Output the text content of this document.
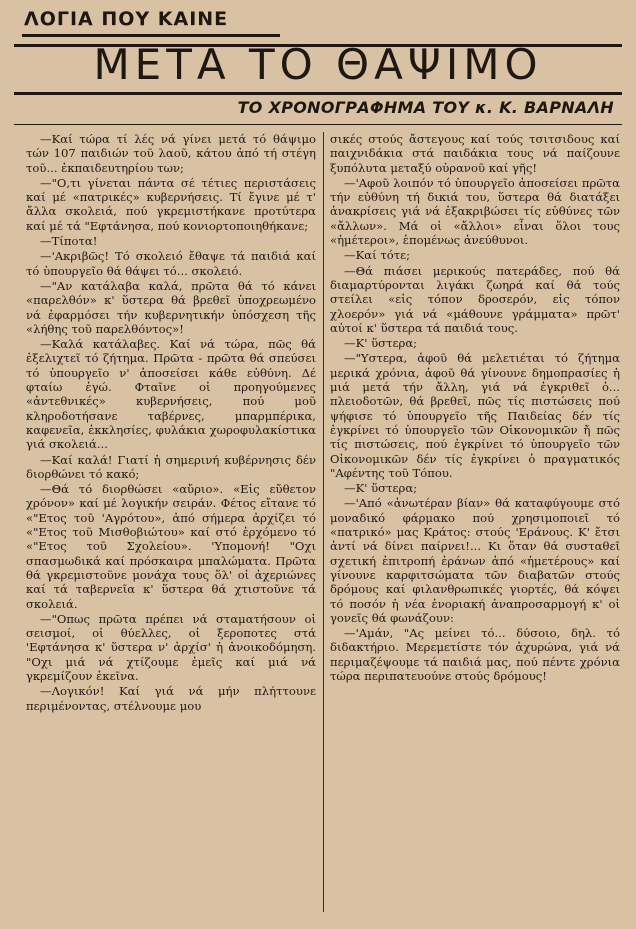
ΛΟΓΙΑ ΠΟΥ ΚΑΙΝΕ
ΜΕΤΑ ΤΟ ΘΑΨΙΜΟ
ΤΟ ΧΡΟΝΟΓΡΑΦΗΜΑ ΤΟΥ κ. Κ. ΒΑΡΝΑΛΗ

—Καί τώρα τί λές νά γίνει μετά τό θάψιμο τών 107 παιδιών τοῦ λαοῦ, κάτου ἀπό τή στέγη τοῦ... ἐκπαιδευτηρίου των;

—"Ο,τι γίνεται πάντα σέ τέτιες περιστάσεις καί μέ «πατρικές» κυβερνήσεις. Τί ἔγινε μέ τ' ἄλλα σκολειά, πού γκρεμιστήκανε προτύτερα καί μέ τά "Εφτάνησα, πού κονιορτοποιηθήκανε;

—Τίποτα!

—'Ακριβῶς! Τό σκολειό ἔθαψε τά παιδιά καί τό ὑπουργεῖο θά θάψει τό... σκολειό.

—"Αν κατάλαβα καλά, πρῶτα θά τό κάνει «παρελθόν» κ' ὕστερα θά βρεθεῖ ὑποχρεωμένο νά ἐφαρμόσει τήν κυβερνητικήν ὑπόσχεση τῆς «λήθης τοῦ παρελθόντος»!

—Καλά κατάλαβες. Καί νά τώρα, πῶς θά ἐξελιχτεῖ τό ζήτημα. Πρῶτα - πρῶτα θά σπεύσει τό ὑπουργεῖο ν' ἀποσείσει κάθε εὐθύνη. Δέ φταίω ἐγώ. Φταῖνε οἱ προηγούμενες «ἀντεθνικές» κυβερνήσεις, πού μοῦ κληροδοτήσανε ταβέρνες, μπαρμπέρικα, καφενεῖα, ἐκκλησίες, φυλάκια χωροφυλακίστικα γιά σκολειά...

—Καί καλά! Γιατί ἡ σημερινή κυβέρνησις δέν διορθώνει τό κακό;

—Θά τό διορθώσει «αὔριο». «Εἰς εὔθετον χρόνον» καί μέ λογικήν σειράν. Φέτος εἴτανε τό «"Ετος τοῦ 'Αγρότου», ἀπό σήμερα ἀρχίζει τό «"Ετος τοῦ Μισθοβιώτου» καί στό ἐρχόμενο τό «"Ετος τοῦ Σχολείου». 'Υπομονή! "Οχι σπασμωδικά καί πρόσκαιρα μπαλώματα. Πρῶτα θά γκρεμιστοῦνε μονάχα τους ὅλ' οἱ ἀχεριώνες καί τά ταβερνεῖα κ' ὕστερα θά χτιστοῦνε τά σκολειά.

—"Οπως πρῶτα πρέπει νά σταματήσουν οἱ σεισμοί, οἱ θύελλες, οἱ ξεροποτες στά 'Εφτάνησα κ' ὕστερα ν' ἀρχίσ' ἡ ἀνοικοδόμηση. "Οχι μιά νά χτίζουμε ἐμεῖς καί μιά νά γκρεμίζουν ἐκεῖνα.

—Λογικόν! Καί γιά νά μήν πλήττουνε περιμένοντας, στέλνουμε μου

σικές στούς ἄστεγους καί τούς τσιτσιδους καί παιχνιδάκια στά παιδάκια τους νά παίζουνε ξυπόλυτα μεταξύ οὐρανοῦ καί γῆς!

—'Αφοῦ λοιπόν τό ὑπουργεῖο ἀποσείσει πρῶτα τήν εὐθύνη τή δικιά του, ὕστερα θά διατάξει ἀνακρίσεις γιά νά ἐξακριβώσει τίς εὐθύνες τῶν «ἄλλων». Μά οἱ «ἄλλοι» εἶναι ὅλοι τους «ἡμέτεροι», ἑπομένως ἀνεύθυνοι.

—Καί τότε;

—Θά πιάσει μερικούς πατεράδες, πού θά διαμαρτύρονται λιγάκι ζωηρά καί θά τούς στείλει «εἰς τόπον δροσερόν, εἰς τόπον χλοερόν» γιά νά «μάθουνε γράμματα» πρῶτ' αὐτοί κ' ὕστερα τά παιδιά τους.

—Κ' ὕστερα;

—"Υστερα, ἀφοῦ θά μελετιέται τό ζήτημα μερικά χρόνια, ἀφοῦ θά γίνουνε δημοπρασίες ἡ μιά μετά τήν ἄλλη, γιά νά ἐγκριθεῖ ὁ... πλειοδοτῶν, θά βρεθεῖ, πῶς τίς πιστώσεις πού ψήφισε τό ὑπουργεῖο τῆς Παιδείας δέν τίς ἐγκρίνει τό ὑπουργεῖο τῶν Οἰκονομικῶν ἤ πῶς τίς πιστώσεις, πού ἐγκρίνει τό ὑπουργεῖο τῶν Οἰκονομικῶν δέν τίς ἐγκρίνει ὁ πραγματικός "Αφέντης τοῦ Τόπου.

—Κ' ὕστερα;

—'Από «ἀνωτέραν βίαν» θά καταφύγουμε στό μοναδικό φάρμακο πού χρησιμοποιεῖ τό «πατρικό» μας Κράτος: στούς 'Εράνους. Κ' ἔτσι ἀντί νά δίνει παίρνει!... Κι ὅταν θά συσταθεῖ σχετική ἐπιτροπή ἐράνων ἀπό «ἡμετέρους» καί γίνουνε καρφιτσώματα τῶν διαβατῶν στούς δρόμους καί φιλανθρωπικές γιορτές, θά κόψει τό ποσόν ἡ νέα ἐνοριακή ἀναπροσαρμογή κ' οἱ γονεῖς θά φωνάζουν:

—'Αμάν, "Ας μείνει τό... δύσοιο, δηλ. τό διδακτήριο. Μερεμετίστε τόν ἀχυρώνα, γιά νά περιμαζέψουμε τά παιδιά μας, πού πέντε χρόνια τώρα περιπατευούνε στούς δρόμους!
